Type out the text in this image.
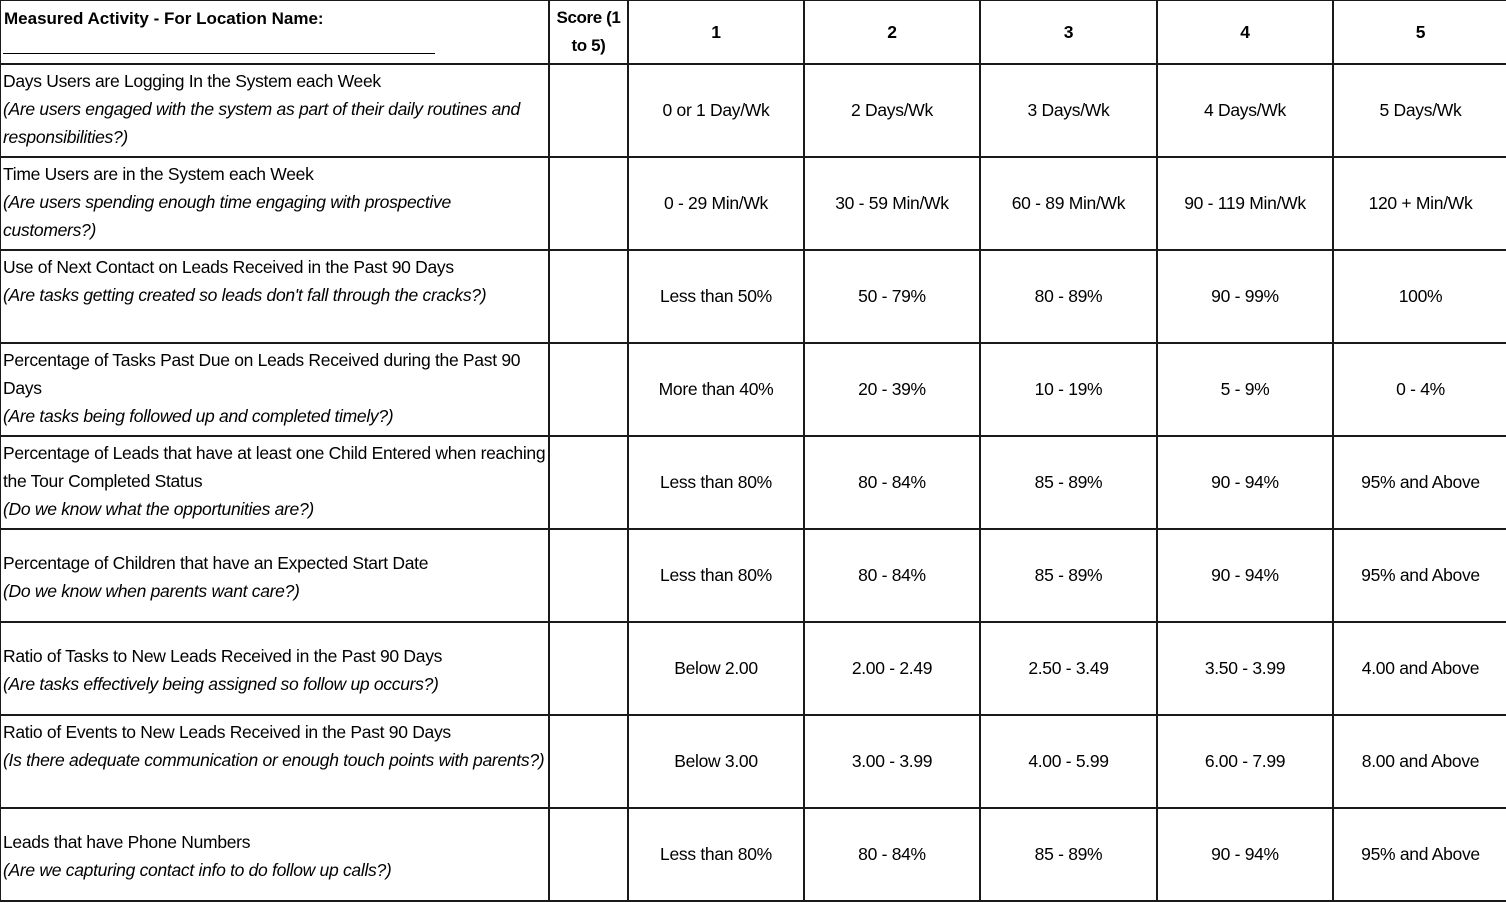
Measured Activity - For Location Name:	Score (1 to 5)	1	2	3	4	5

Days Users are Logging In the System each Week
(Are users engaged with the system as part of their daily routines and responsibilities?)		0 or 1 Day/Wk	2 Days/Wk	3 Days/Wk	4 Days/Wk	5 Days/Wk

Time Users are in the System each Week
(Are users spending enough time engaging with prospective customers?)		0 - 29 Min/Wk	30 - 59 Min/Wk	60 - 89 Min/Wk	90 - 119 Min/Wk	120 + Min/Wk

Use of Next Contact on Leads Received in the Past 90 Days
(Are tasks getting created so leads don't fall through the cracks?)		Less than 50%	50 - 79%	80 - 89%	90 - 99%	100%

Percentage of Tasks Past Due on Leads Received during the Past 90 Days
(Are tasks being followed up and completed timely?)		More than 40%	20 - 39%	10 - 19%	5 - 9%	0 - 4%

Percentage of Leads that have at least one Child Entered when reaching the Tour Completed Status
(Do we know what the opportunities are?)		Less than 80%	80 - 84%	85 - 89%	90 - 94%	95% and Above

Percentage of Children that have an Expected Start Date
(Do we know when parents want care?)		Less than 80%	80 - 84%	85 - 89%	90 - 94%	95% and Above

Ratio of Tasks to New Leads Received in the Past 90 Days
(Are tasks effectively being assigned so follow up occurs?)		Below 2.00	2.00 - 2.49	2.50 - 3.49	3.50 - 3.99	4.00 and Above

Ratio of Events to New Leads Received in the Past 90 Days
(Is there adequate communication or enough touch points with parents?)		Below 3.00	3.00 - 3.99	4.00 - 5.99	6.00 - 7.99	8.00 and Above

Leads that have Phone Numbers
(Are we capturing contact info to do follow up calls?)		Less than 80%	80 - 84%	85 - 89%	90 - 94%	95% and Above
